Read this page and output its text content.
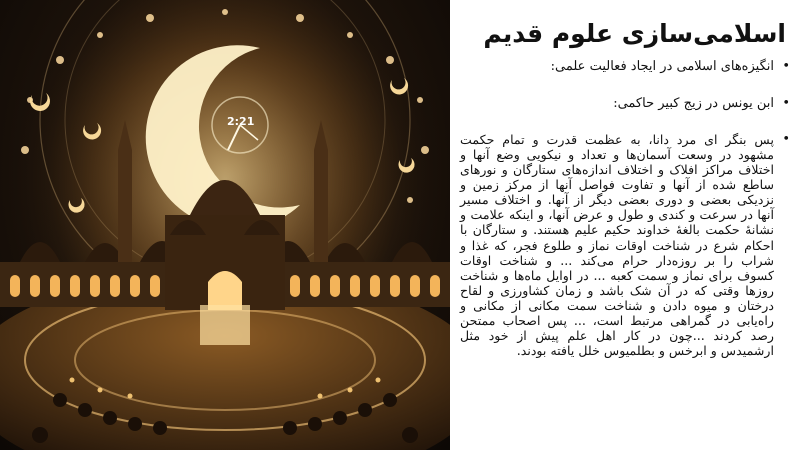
2:21
اسلامی‌سازی علوم قدیم
• انگیزه‌های اسلامی در ایجاد فعالیت علمی:
• ابن یونس در زیج کبیر حاکمی:
• پس بنگر ای مرد دانا، به عظمت قدرت و تمام حکمت مشهود در وسعت آسمان‌ها و تعداد و نیکویی وضع آنها و اختلاف مراکز افلاک و اختلاف اندازه‌های ستارگان و نورهای ساطع شده از آنها و تفاوت فواصل آنها از مرکز زمین و نزدیکی بعضی و دوری بعضی دیگر از آنها. و اختلاف مسیر آنها در سرعت و کندی و طول و عرض آنها، و اینکه علامت و نشانهٔ حکمت بالغهٔ خداوند حکیم علیم هستند. و ستارگان با احکام شرع در شناخت اوقات نماز و طلوع فجر، که غذا و شراب را بر روزه‌دار حرام می‌کند ... و شناخت اوقات کسوف برای نماز و سمت کعبه ... در اوایل ماه‌ها و شناخت روزها وقتی که در آن شک باشد و زمان کشاورزی و لقاح درختان و میوه دادن و شناخت سمت مکانی از مکانی و راه‌یابی در گمراهی مرتبط است، ... پس اصحاب ممتحن رصد کردند ...چون در کار اهل علم پیش از خود مثل ارشمیدس و ابرخس و بطلمیوس خلل یافته بودند.
